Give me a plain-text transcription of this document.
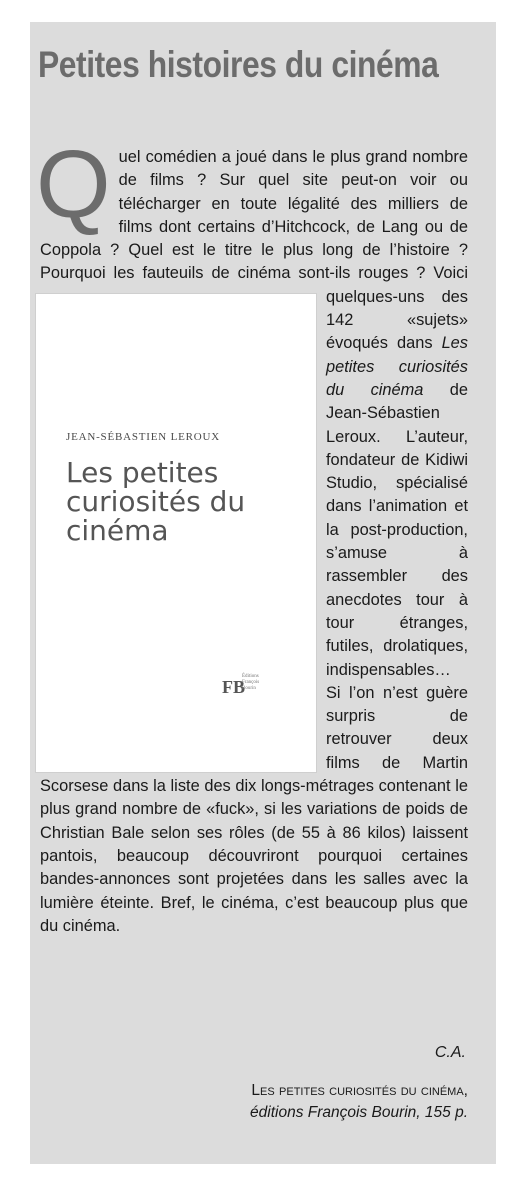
Petites histoires du cinéma
Q
JEAN-SÉBASTIEN LEROUX
Les petites curiosités du cinéma
FB
Éditions François Bourin
uel comédien a joué dans le plus grand nombre de films ? Sur quel site peut-on voir ou télécharger en toute légalité des milliers de films dont certains d’Hitchcock, de Lang ou de Coppola ? Quel est le titre le plus long de l’histoire ? Pourquoi les fauteuils de cinéma sont-ils rouges ? Voici quelques-uns des 142 «sujets» évoqués dans Les petites curiosités du cinéma de Jean-Sébastien Leroux. L’auteur, fondateur de Kidiwi Studio, spécialisé dans l’animation et la post-production, s’amuse à rassembler des anecdotes tour à tour étranges, futiles, drolatiques, indispensables… Si l’on n’est guère surpris de retrouver deux films de Martin Scorsese dans la liste des dix longs-métrages contenant le plus grand nombre de «fuck», si les variations de poids de Christian Bale selon ses rôles (de 55 à 86 kilos) laissent pantois, beaucoup découvriront pourquoi certaines bandes-annonces sont projetées dans les salles avec la lumière éteinte. Bref, le cinéma, c’est beaucoup plus que du cinéma.
C.A.
Les petites curiosités du cinéma,
éditions François Bourin, 155 p.
